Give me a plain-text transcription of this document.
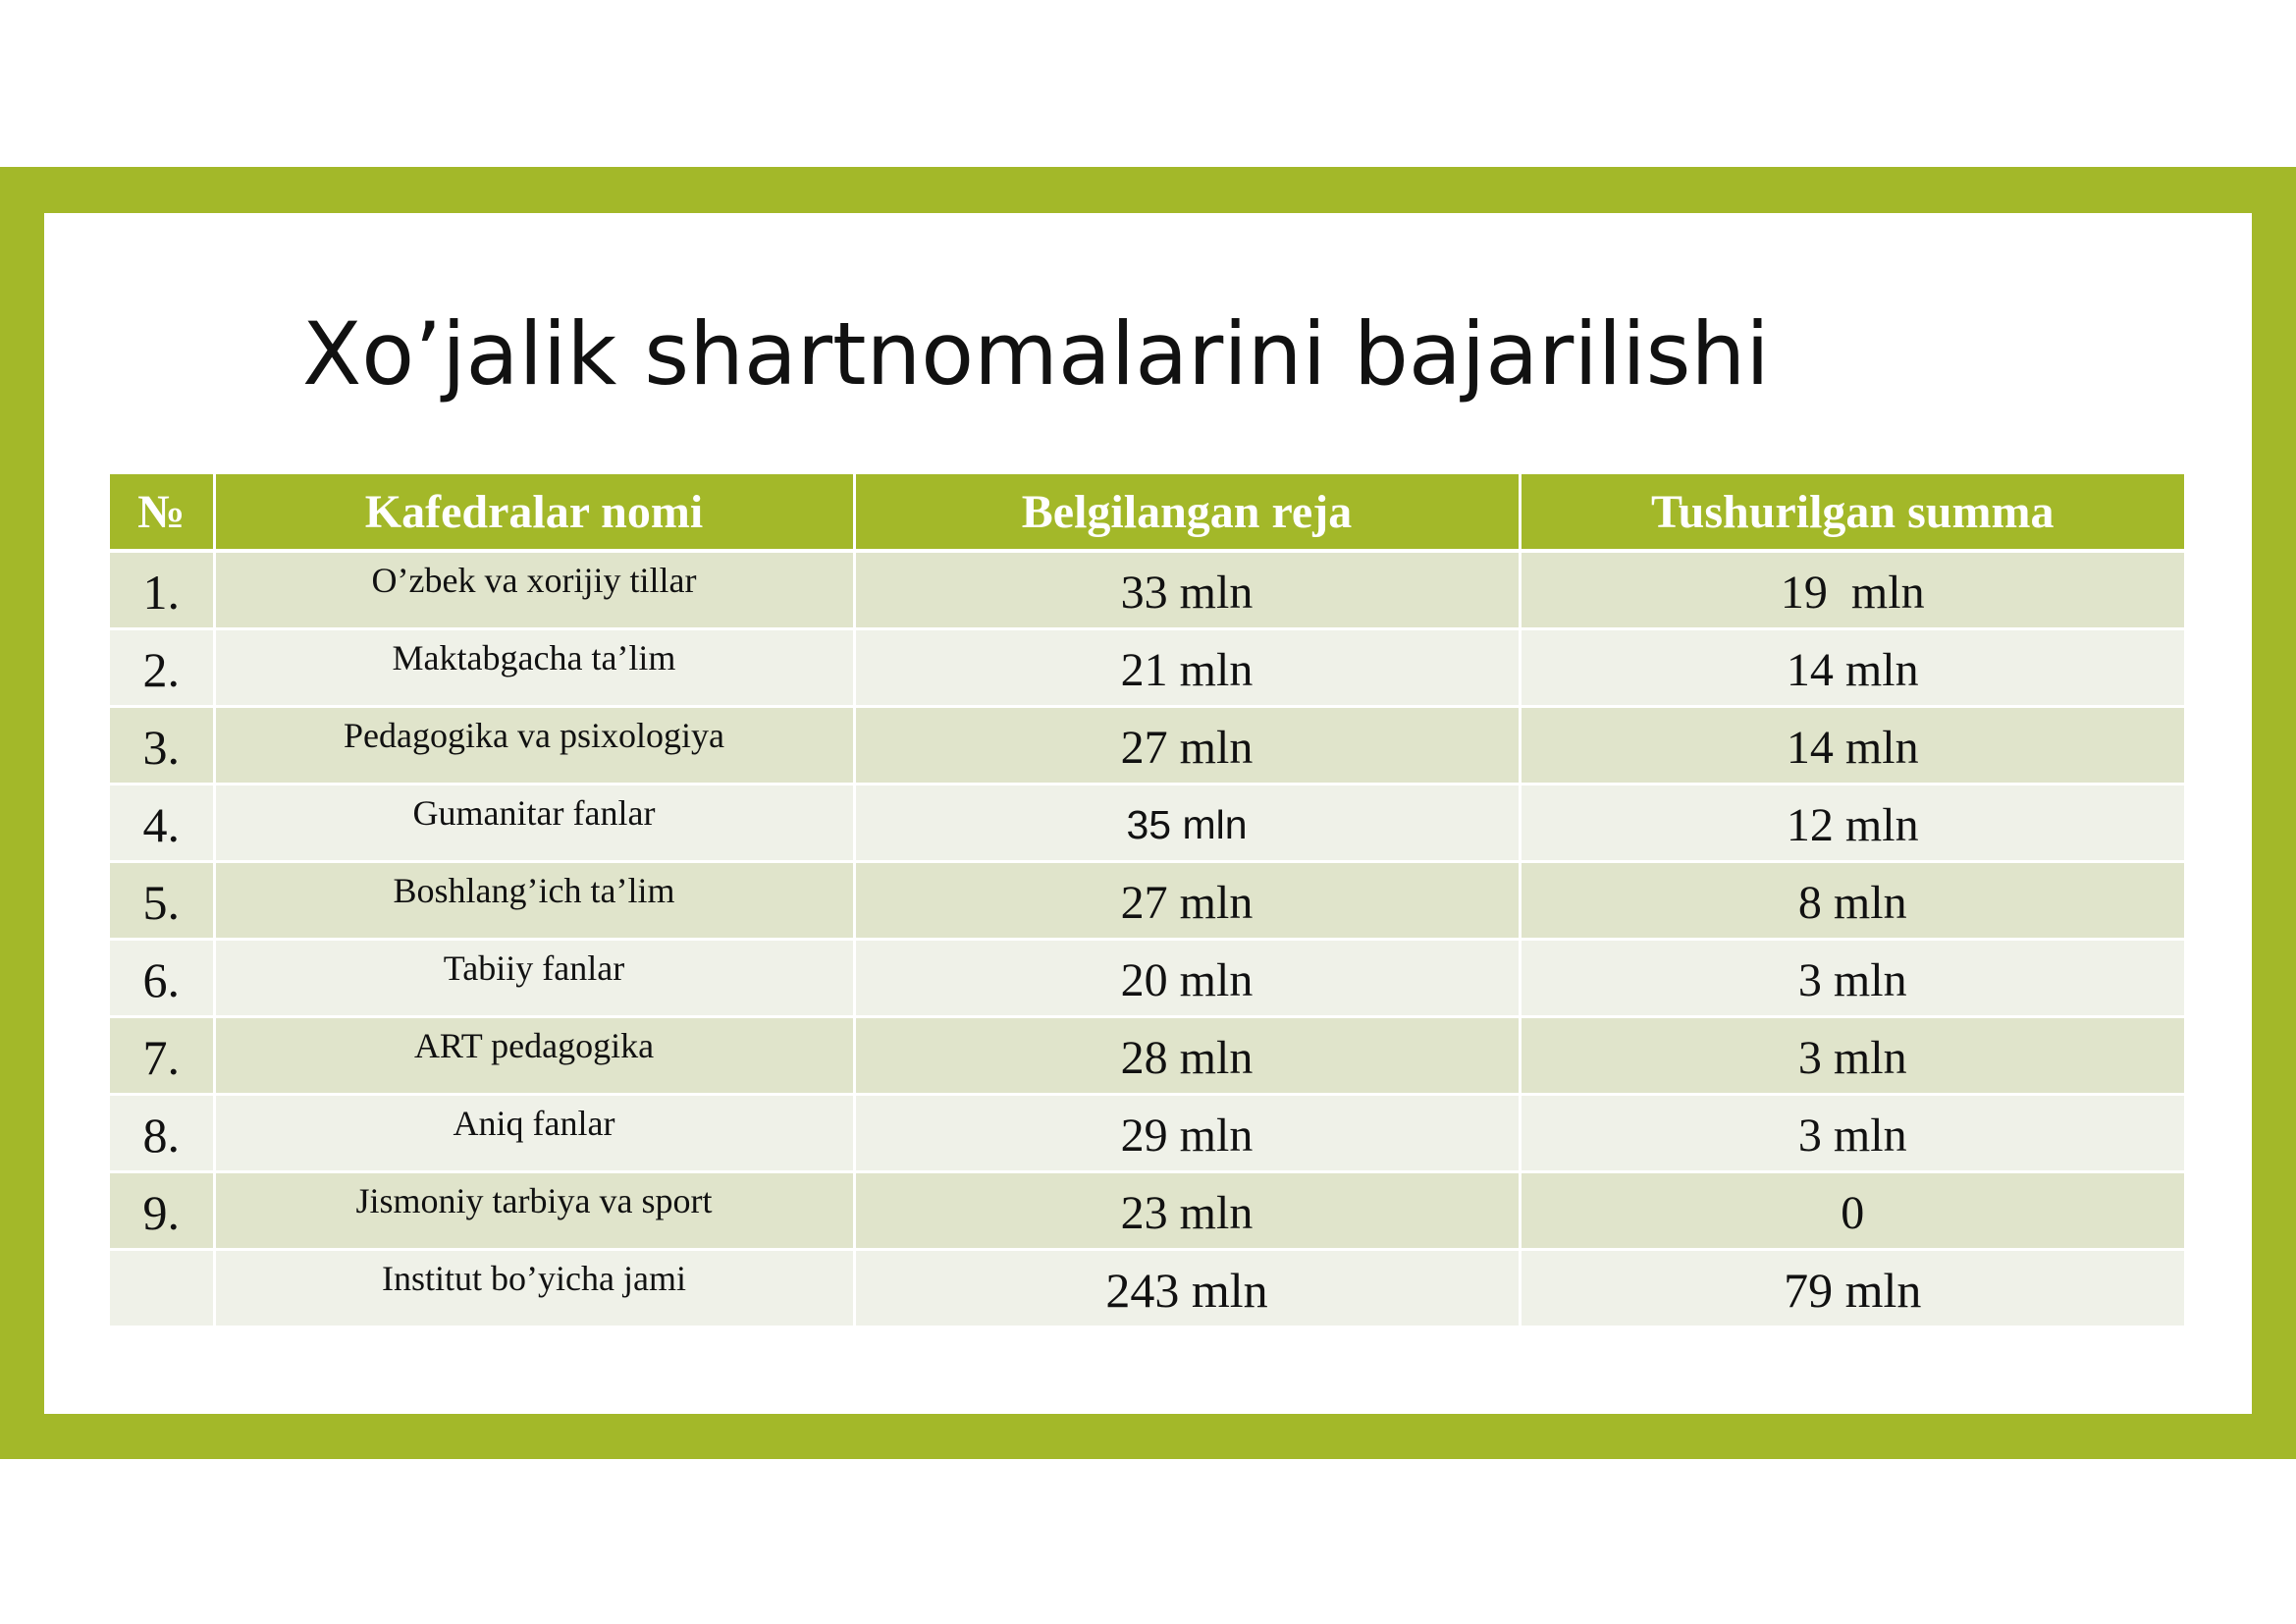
Xo’jalik shartnomalarini bajarilishi
№	Kafedralar nomi	Belgilangan reja	Tushurilgan summa
1.	O’zbek va xorijiy tillar	33 mln	19  mln
2.	Maktabgacha ta’lim	21 mln	14 mln
3.	Pedagogika va psixologiya	27 mln	14 mln
4.	Gumanitar fanlar	35 mln	12 mln
5.	Boshlang’ich ta’lim	27 mln	8 mln
6.	Tabiiy fanlar	20 mln	3 mln
7.	ART pedagogika	28 mln	3 mln
8.	Aniq fanlar	29 mln	3 mln
9.	Jismoniy tarbiya va sport	23 mln	0
	Institut bo’yicha jami	243 mln	79 mln
